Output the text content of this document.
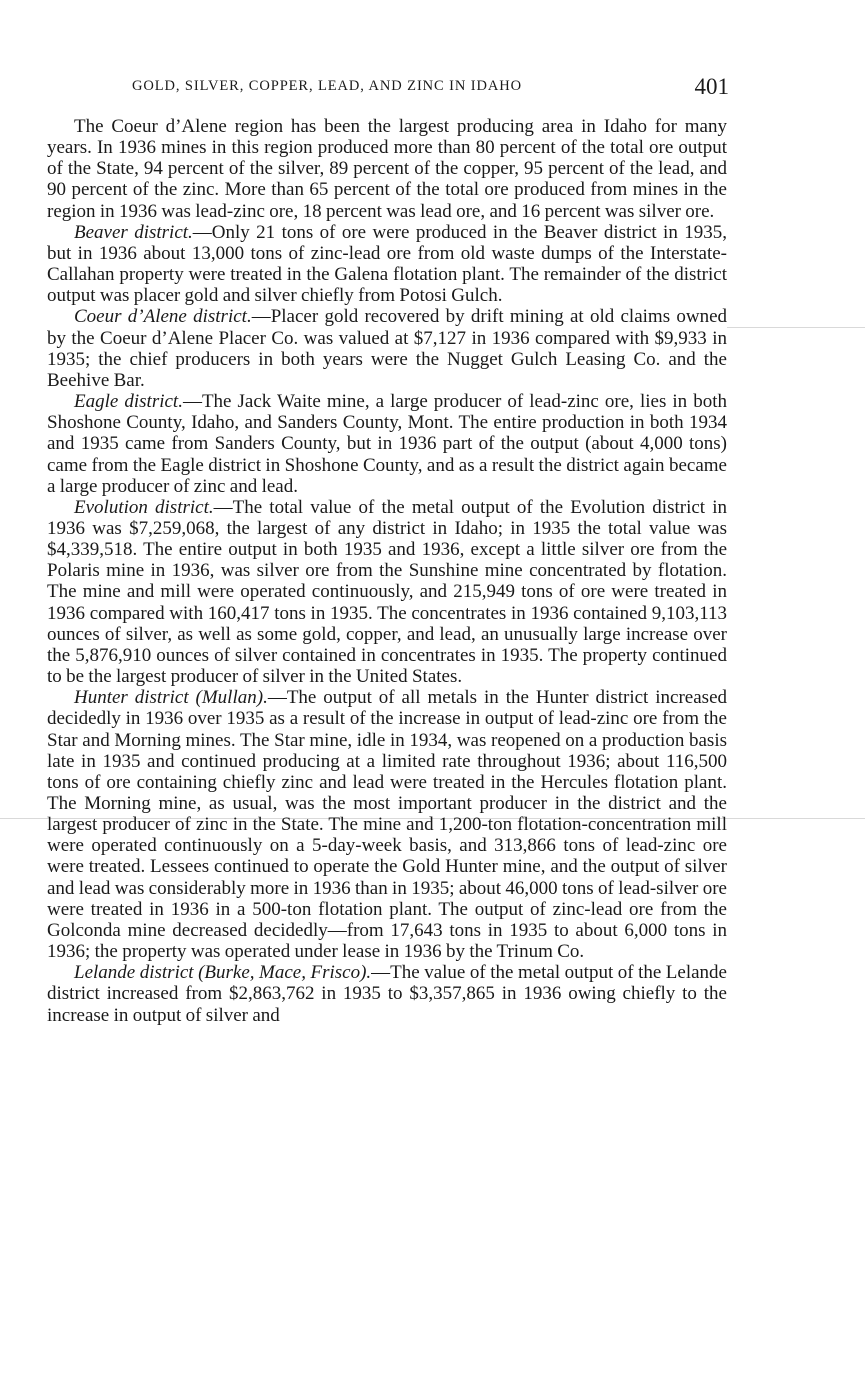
GOLD, SILVER, COPPER, LEAD, AND ZINC IN IDAHO	401

The Coeur d’Alene region has been the largest producing area in Idaho for many years. In 1936 mines in this region produced more than 80 percent of the total ore output of the State, 94 percent of the silver, 89 percent of the copper, 95 percent of the lead, and 90 percent of the zinc. More than 65 percent of the total ore produced from mines in the region in 1936 was lead-zinc ore, 18 percent was lead ore, and 16 percent was silver ore.

Beaver district.—Only 21 tons of ore were produced in the Beaver district in 1935, but in 1936 about 13,000 tons of zinc-lead ore from old waste dumps of the Interstate-Callahan property were treated in the Galena flotation plant. The remainder of the district output was placer gold and silver chiefly from Potosi Gulch.

Coeur d’Alene district.—Placer gold recovered by drift mining at old claims owned by the Coeur d’Alene Placer Co. was valued at $7,127 in 1936 compared with $9,933 in 1935; the chief producers in both years were the Nugget Gulch Leasing Co. and the Beehive Bar.

Eagle district.—The Jack Waite mine, a large producer of lead-zinc ore, lies in both Shoshone County, Idaho, and Sanders County, Mont. The entire production in both 1934 and 1935 came from Sanders County, but in 1936 part of the output (about 4,000 tons) came from the Eagle district in Shoshone County, and as a result the district again became a large producer of zinc and lead.

Evolution district.—The total value of the metal output of the Evolution district in 1936 was $7,259,068, the largest of any district in Idaho; in 1935 the total value was $4,339,518. The entire output in both 1935 and 1936, except a little silver ore from the Polaris mine in 1936, was silver ore from the Sunshine mine concentrated by flotation. The mine and mill were operated continuously, and 215,949 tons of ore were treated in 1936 compared with 160,417 tons in 1935. The concentrates in 1936 contained 9,103,113 ounces of silver, as well as some gold, copper, and lead, an unusually large increase over the 5,876,910 ounces of silver contained in concentrates in 1935. The property continued to be the largest producer of silver in the United States.

Hunter district (Mullan).—The output of all metals in the Hunter district increased decidedly in 1936 over 1935 as a result of the increase in output of lead-zinc ore from the Star and Morning mines. The Star mine, idle in 1934, was reopened on a production basis late in 1935 and continued producing at a limited rate throughout 1936; about 116,500 tons of ore containing chiefly zinc and lead were treated in the Hercules flotation plant. The Morning mine, as usual, was the most important producer in the district and the largest producer of zinc in the State. The mine and 1,200-ton flotation-concentration mill were operated continuously on a 5-day-week basis, and 313,866 tons of lead-zinc ore were treated. Lessees continued to operate the Gold Hunter mine, and the output of silver and lead was considerably more in 1936 than in 1935; about 46,000 tons of lead-silver ore were treated in 1936 in a 500-ton flotation plant. The output of zinc-lead ore from the Golconda mine decreased decidedly—from 17,643 tons in 1935 to about 6,000 tons in 1936; the property was operated under lease in 1936 by the Trinum Co.

Lelande district (Burke, Mace, Frisco).—The value of the metal output of the Lelande district increased from $2,863,762 in 1935 to $3,357,865 in 1936 owing chiefly to the increase in output of silver and
